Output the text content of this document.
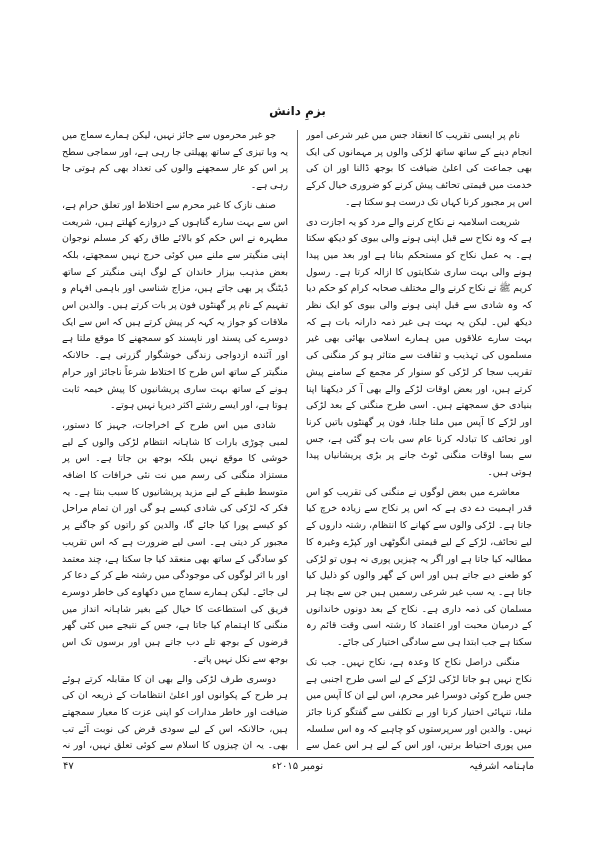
بزمِ دانش

نام پر ایسی تقریب کا انعقاد جس میں غیر شرعی امور انجام دینے کے ساتھ ساتھ لڑکی والوں پر مہمانوں کی ایک بھی جماعت کی اعلیٰ ضیافت کا بوجھ ڈالنا اور ان کی خدمت میں قیمتی تحائف پیش کرنے کو ضروری خیال کرکے اس پر مجبور کرنا کہاں تک درست ہو سکتا ہے۔

شریعت اسلامیہ نے نکاح کرنے والے مرد کو یہ اجازت دی ہے کہ وہ نکاح سے قبل اپنی ہونے والی بیوی کو دیکھ سکتا ہے۔ یہ عمل نکاح کو مستحکم بنانا ہے اور بعد میں پیدا ہونے والی بہت ساری شکایتوں کا ازالہ کرتا ہے۔ رسول کریم ﷺ نے نکاح کرنے والے مختلف صحابہ کرام کو حکم دیا کہ وہ شادی سے قبل اپنی ہونے والی بیوی کو ایک نظر دیکھ لیں۔ لیکن یہ بہت ہی غیر ذمہ دارانہ بات ہے کہ بہت سارے علاقوں میں ہمارے اسلامی بھائی بھی غیر مسلموں کی تہذیب و ثقافت سے متاثر ہو کر منگنی کی تقریب سجا کر لڑکی کو سنوار کر مجمع کے سامنے پیش کرتے ہیں، اور بعض اوقات لڑکے والے بھی آ کر دیکھنا اپنا بنیادی حق سمجھتے ہیں۔ اسی طرح منگنی کے بعد لڑکی اور لڑکے کا آپس میں ملنا جلنا، فون پر گھنٹوں باتیں کرنا اور تحائف کا تبادلہ کرنا عام سی بات ہو گئی ہے، جس سے بسا اوقات منگنی ٹوٹ جانے پر بڑی پریشانیاں پیدا ہوتی ہیں۔

معاشرے میں بعض لوگوں نے منگنی کی تقریب کو اس قدر اہمیت دے دی ہے کہ اس پر نکاح سے زیادہ خرچ کیا جاتا ہے۔ لڑکی والوں سے کھانے کا انتظام، رشتہ داروں کے لیے تحائف، لڑکے کے لیے قیمتی انگوٹھی اور کپڑے وغیرہ کا مطالبہ کیا جاتا ہے اور اگر یہ چیزیں پوری نہ ہوں تو لڑکی کو طعنے دیے جاتے ہیں اور اس کے گھر والوں کو ذلیل کیا جاتا ہے۔ یہ سب غیر شرعی رسمیں ہیں جن سے بچنا ہر مسلمان کی ذمہ داری ہے۔ نکاح کے بعد دونوں خاندانوں کے درمیان محبت اور اعتماد کا رشتہ اسی وقت قائم رہ سکتا ہے جب ابتدا ہی سے سادگی اختیار کی جائے۔

منگنی دراصل نکاح کا وعدہ ہے، نکاح نہیں۔ جب تک نکاح نہیں ہو جاتا لڑکی لڑکے کے لیے اسی طرح اجنبی ہے جس طرح کوئی دوسرا غیر محرم، اس لیے ان کا آپس میں ملنا، تنہائی اختیار کرنا اور بے تکلفی سے گفتگو کرنا جائز نہیں۔ والدین اور سرپرستوں کو چاہیے کہ وہ اس سلسلہ میں پوری احتیاط برتیں، اور اس کے لیے ہر اس عمل سے

جو غیر محرموں سے جائز نہیں، لیکن ہمارے سماج میں یہ وبا تیزی کے ساتھ پھیلتی جا رہی ہے، اور سماجی سطح پر اس کو عار سمجھنے والوں کی تعداد بھی کم ہوتی جا رہی ہے۔

صنف نازک کا غیر محرم سے اختلاط اور تعلق حرام ہے، اس سے بہت سارے گناہوں کے دروازے کھلتے ہیں، شریعت مطہرہ نے اس حکم کو بالائے طاق رکھ کر مسلم نوجوان اپنی منگیتر سے ملنے میں کوئی حرج نہیں سمجھتے، بلکہ بعض مذہب بیزار خاندان کے لوگ اپنی منگیتر کے ساتھ ڈیٹنگ پر بھی جاتے ہیں، مزاج شناسی اور باہمی افہام و تفہیم کے نام پر گھنٹوں فون پر بات کرتے ہیں۔ والدین اس ملاقات کو جواز یہ کہہ کر پیش کرتے ہیں کہ اس سے ایک دوسرے کی پسند اور ناپسند کو سمجھنے کا موقع ملتا ہے اور آئندہ ازدواجی زندگی خوشگوار گزرتی ہے۔ حالانکہ منگیتر کے ساتھ اس طرح کا اختلاط شرعاً ناجائز اور حرام ہونے کے ساتھ بہت ساری پریشانیوں کا پیش خیمہ ثابت ہوتا ہے، اور ایسے رشتے اکثر دیرپا نہیں ہوتے۔

شادی میں اس طرح کے اخراجات، جہیز کا دستور، لمبی چوڑی بارات کا شاہانہ انتظام لڑکی والوں کے لیے خوشی کا موقع نہیں بلکہ بوجھ بن جاتا ہے۔ اس پر مستزاد منگنی کی رسم میں نت نئی خرافات کا اضافہ متوسط طبقے کے لیے مزید پریشانیوں کا سبب بنتا ہے۔ یہ فکر کہ لڑکی کی شادی کیسے ہو گی اور ان تمام مراحل کو کیسے پورا کیا جائے گا، والدین کو راتوں کو جاگنے پر مجبور کر دیتی ہے۔ اسی لیے ضرورت ہے کہ اس تقریب کو سادگی کے ساتھ بھی منعقد کیا جا سکتا ہے، چند معتمد اور با اثر لوگوں کی موجودگی میں رشتہ طے کر کے دعا کر لی جائے۔ لیکن ہمارے سماج میں دکھاوے کی خاطر دوسرے فریق کی استطاعت کا خیال کیے بغیر شاہانہ انداز میں منگنی کا اہتمام کیا جاتا ہے، جس کے نتیجے میں کئی گھر قرضوں کے بوجھ تلے دب جاتے ہیں اور برسوں تک اس بوجھ سے نکل نہیں پاتے۔

دوسری طرف لڑکی والے بھی ان کا مقابلہ کرتے ہوئے ہر طرح کے پکوانوں اور اعلیٰ انتظامات کے ذریعہ ان کی ضیافت اور خاطر مدارات کو اپنی عزت کا معیار سمجھتے ہیں، حالانکہ اس کے لیے سودی قرض کی نوبت آئے تب بھی۔ یہ ان چیزوں کا اسلام سے کوئی تعلق نہیں، اور نہ

ماہنامہ اشرفیہ
نومبر ۲۰۱۵ء
۴۷
